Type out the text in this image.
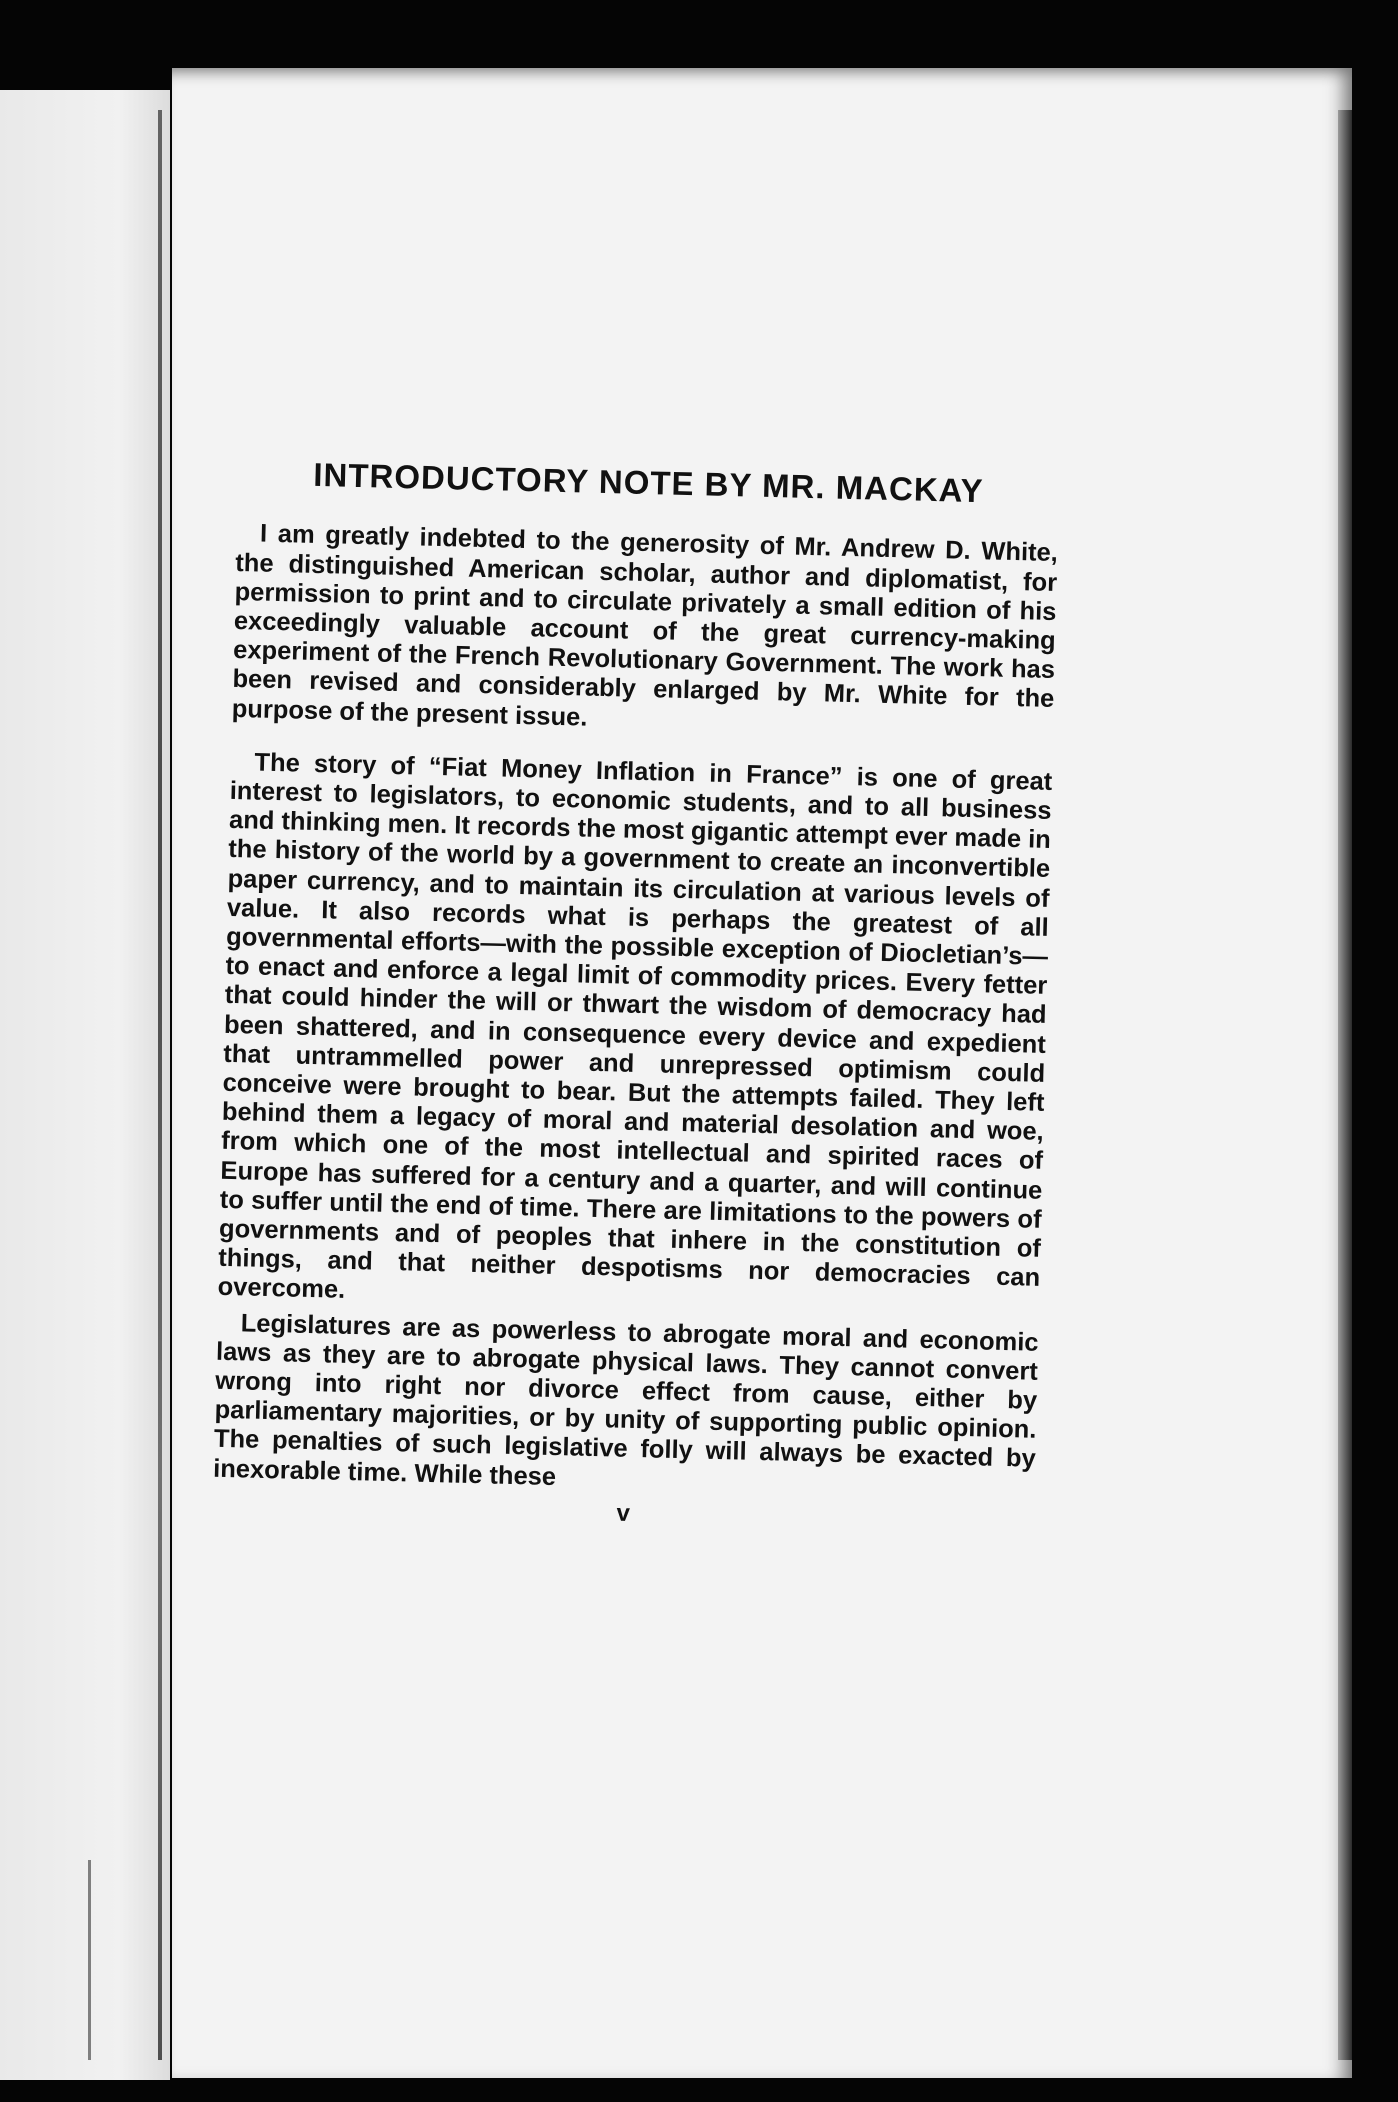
INTRODUCTORY NOTE BY MR. MACKAY

I am greatly indebted to the generosity of Mr. Andrew D. White, the distinguished American scholar, author and diplomatist, for permission to print and to circulate privately a small edition of his exceedingly valuable account of the great currency-making experiment of the French Revolutionary Government. The work has been revised and considerably enlarged by Mr. White for the purpose of the present issue.

The story of “Fiat Money Inflation in France” is one of great interest to legislators, to economic students, and to all business and thinking men. It records the most gigantic attempt ever made in the history of the world by a government to create an inconvertible paper currency, and to maintain its circulation at various levels of value. It also records what is perhaps the greatest of all governmental efforts—with the possible exception of Diocletian’s—to enact and enforce a legal limit of commodity prices. Every fetter that could hinder the will or thwart the wisdom of democracy had been shattered, and in consequence every device and expedient that untrammelled power and unrepressed optimism could conceive were brought to bear. But the attempts failed. They left behind them a legacy of moral and material desolation and woe, from which one of the most intellectual and spirited races of Europe has suffered for a century and a quarter, and will continue to suffer until the end of time. There are limitations to the powers of governments and of peoples that inhere in the constitution of things, and that neither despotisms nor democracies can overcome.

Legislatures are as powerless to abrogate moral and economic laws as they are to abrogate physical laws. They cannot convert wrong into right nor divorce effect from cause, either by parliamentary majorities, or by unity of supporting public opinion. The penalties of such legislative folly will always be exacted by inexorable time. While these

v
